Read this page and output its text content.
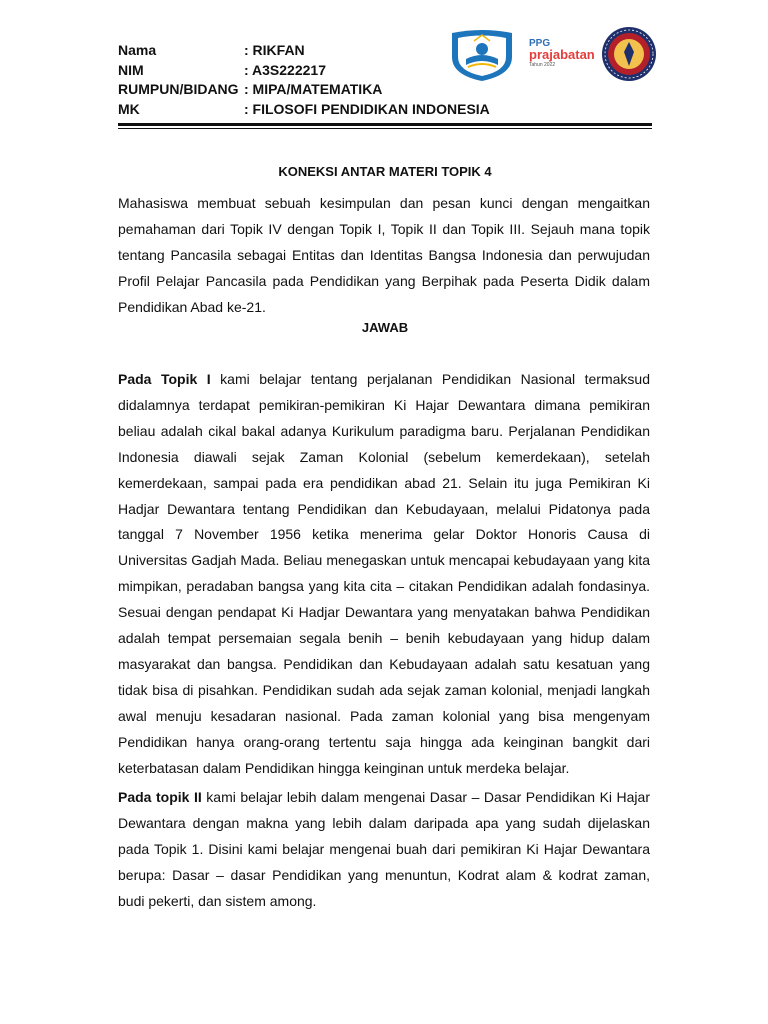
Nama	: RIKFAN
NIM	: A3S222217
RUMPUN/BIDANG : MIPA/MATEMATIKA
MK	: FILOSOFI PENDIDIKAN INDONESIA
PPG
prajabatan
Tahun 2022
KONEKSI ANTAR MATERI TOPIK 4

Mahasiswa membuat sebuah kesimpulan dan pesan kunci dengan mengaitkan pemahaman dari Topik IV dengan Topik I, Topik II dan Topik III. Sejauh mana topik tentang Pancasila sebagai Entitas dan Identitas Bangsa Indonesia dan perwujudan Profil Pelajar Pancasila pada Pendidikan yang Berpihak pada Peserta Didik dalam Pendidikan Abad ke-21.

JAWAB

Pada Topik I kami belajar tentang perjalanan Pendidikan Nasional termaksud didalamnya terdapat pemikiran-pemikiran Ki Hajar Dewantara dimana pemikiran beliau adalah cikal bakal adanya Kurikulum paradigma baru. Perjalanan Pendidikan Indonesia diawali sejak Zaman Kolonial (sebelum kemerdekaan), setelah kemerdekaan, sampai pada era pendidikan abad 21. Selain itu juga Pemikiran Ki Hadjar Dewantara tentang Pendidikan dan Kebudayaan, melalui Pidatonya pada tanggal 7 November 1956 ketika menerima gelar Doktor Honoris Causa di Universitas Gadjah Mada. Beliau menegaskan untuk mencapai kebudayaan yang kita mimpikan, peradaban bangsa yang kita cita – citakan Pendidikan adalah fondasinya. Sesuai dengan pendapat Ki Hadjar Dewantara yang menyatakan bahwa Pendidikan adalah tempat persemaian segala benih – benih kebudayaan yang hidup dalam masyarakat dan bangsa. Pendidikan dan Kebudayaan adalah satu kesatuan yang tidak bisa di pisahkan. Pendidikan sudah ada sejak zaman kolonial, menjadi langkah awal menuju kesadaran nasional. Pada zaman kolonial yang bisa mengenyam Pendidikan hanya orang-orang tertentu saja hingga ada keinginan bangkit dari keterbatasan dalam Pendidikan hingga keinginan untuk merdeka belajar.

Pada topik II kami belajar lebih dalam mengenai Dasar – Dasar Pendidikan Ki Hajar Dewantara dengan makna yang lebih dalam daripada apa yang sudah dijelaskan pada Topik 1. Disini kami belajar mengenai buah dari pemikiran Ki Hajar Dewantara berupa: Dasar – dasar Pendidikan yang menuntun, Kodrat alam & kodrat zaman, budi pekerti, dan sistem among.
